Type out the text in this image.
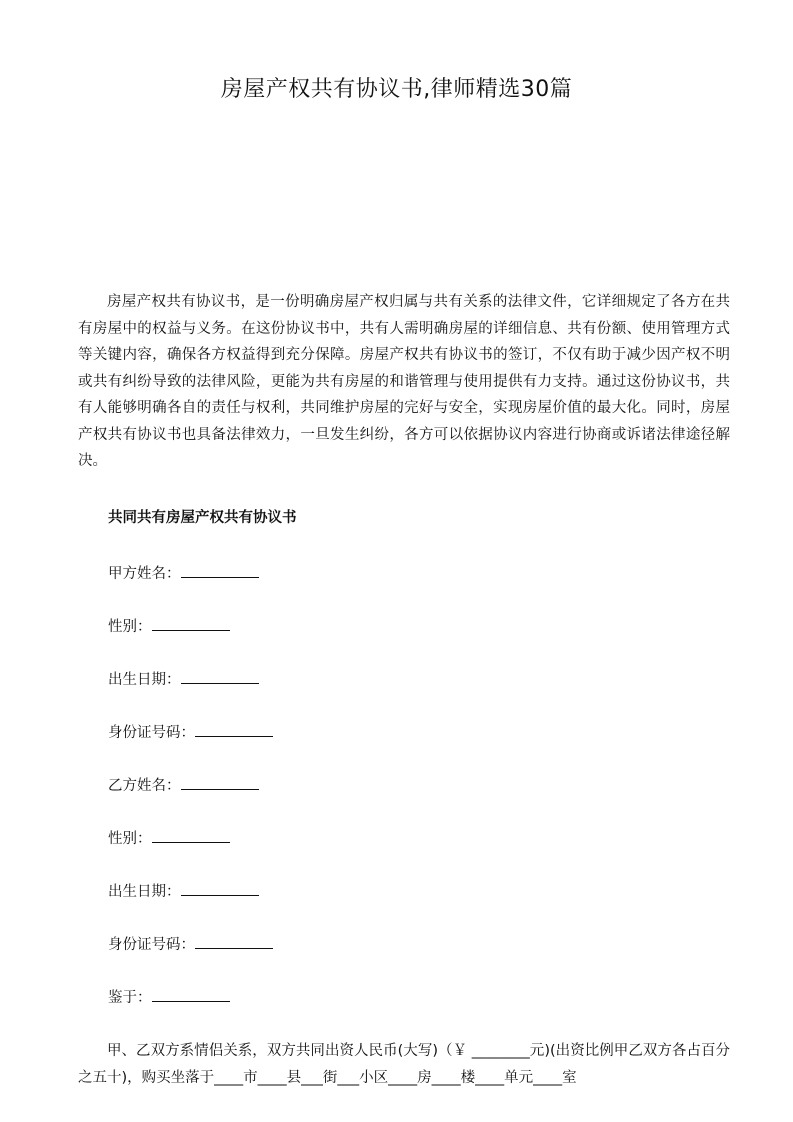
房屋产权共有协议书,律师精选30篇

房屋产权共有协议书，是一份明确房屋产权归属与共有关系的法律文件，它详细规定了各方在共有房屋中的权益与义务。在这份协议书中，共有人需明确房屋的详细信息、共有份额、使用管理方式等关键内容，确保各方权益得到充分保障。房屋产权共有协议书的签订，不仅有助于减少因产权不明或共有纠纷导致的法律风险，更能为共有房屋的和谐管理与使用提供有力支持。通过这份协议书，共有人能够明确各自的责任与权利，共同维护房屋的完好与安全，实现房屋价值的最大化。同时，房屋产权共有协议书也具备法律效力，一旦发生纠纷，各方可以依据协议内容进行协商或诉诸法律途径解决。

共同共有房屋产权共有协议书

甲方姓名：

性别：

出生日期：

身份证号码：

乙方姓名：

性别：

出生日期：

身份证号码：

鉴于：

甲、乙双方系情侣关系，双方共同出资人民币(大写)（￥ ________元)(出资比例甲乙双方各占百分之五十)，购买坐落于____市____县___街___小区____房____楼____单元____室
